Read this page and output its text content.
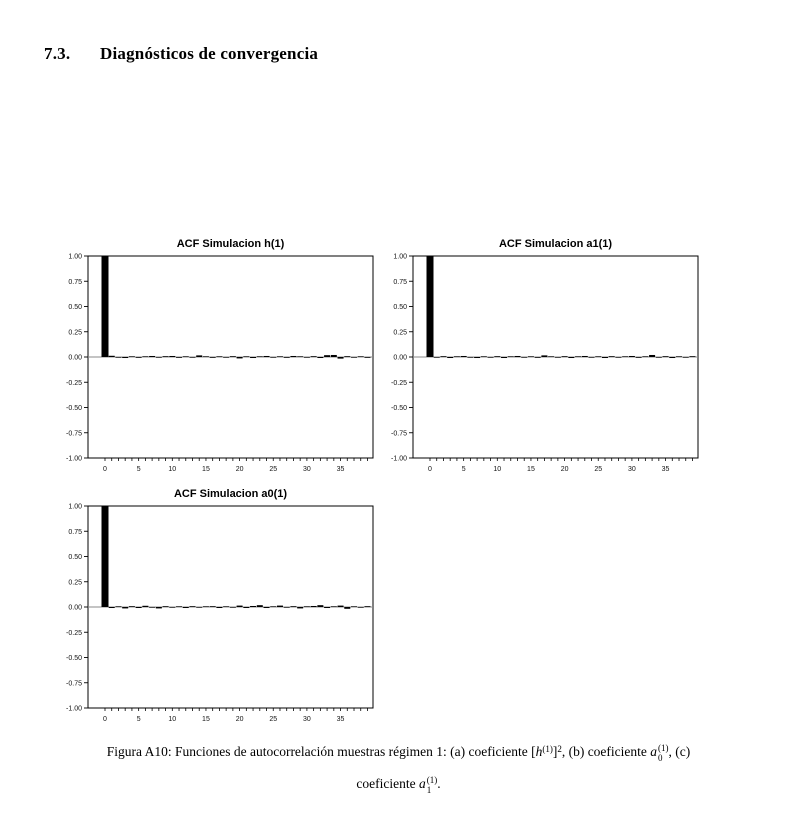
7.3. Diagnósticos de convergencia
ACF Simulacion h(1)
1.00
0.75
0.50
0.25
0.00
-0.25
-0.50
-0.75
-1.00
0	5	10	15	20	25	30	35
ACF Simulacion a1(1)
1.00
0.75
0.50
0.25
0.00
-0.25
-0.50
-0.75
-1.00
0	5	10	15	20	25	30	35
ACF Simulacion a0(1)
1.00
0.75
0.50
0.25
0.00
-0.25
-0.50
-0.75
-1.00
0	5	10	15	20	25	30	35
Figura A10: Funciones de autocorrelación muestras régimen 1: (a) coeficiente $[h^{(1)}]^2$, (b) coeficiente a (1)
0 , (c)
coeficiente a (1)
1 .
